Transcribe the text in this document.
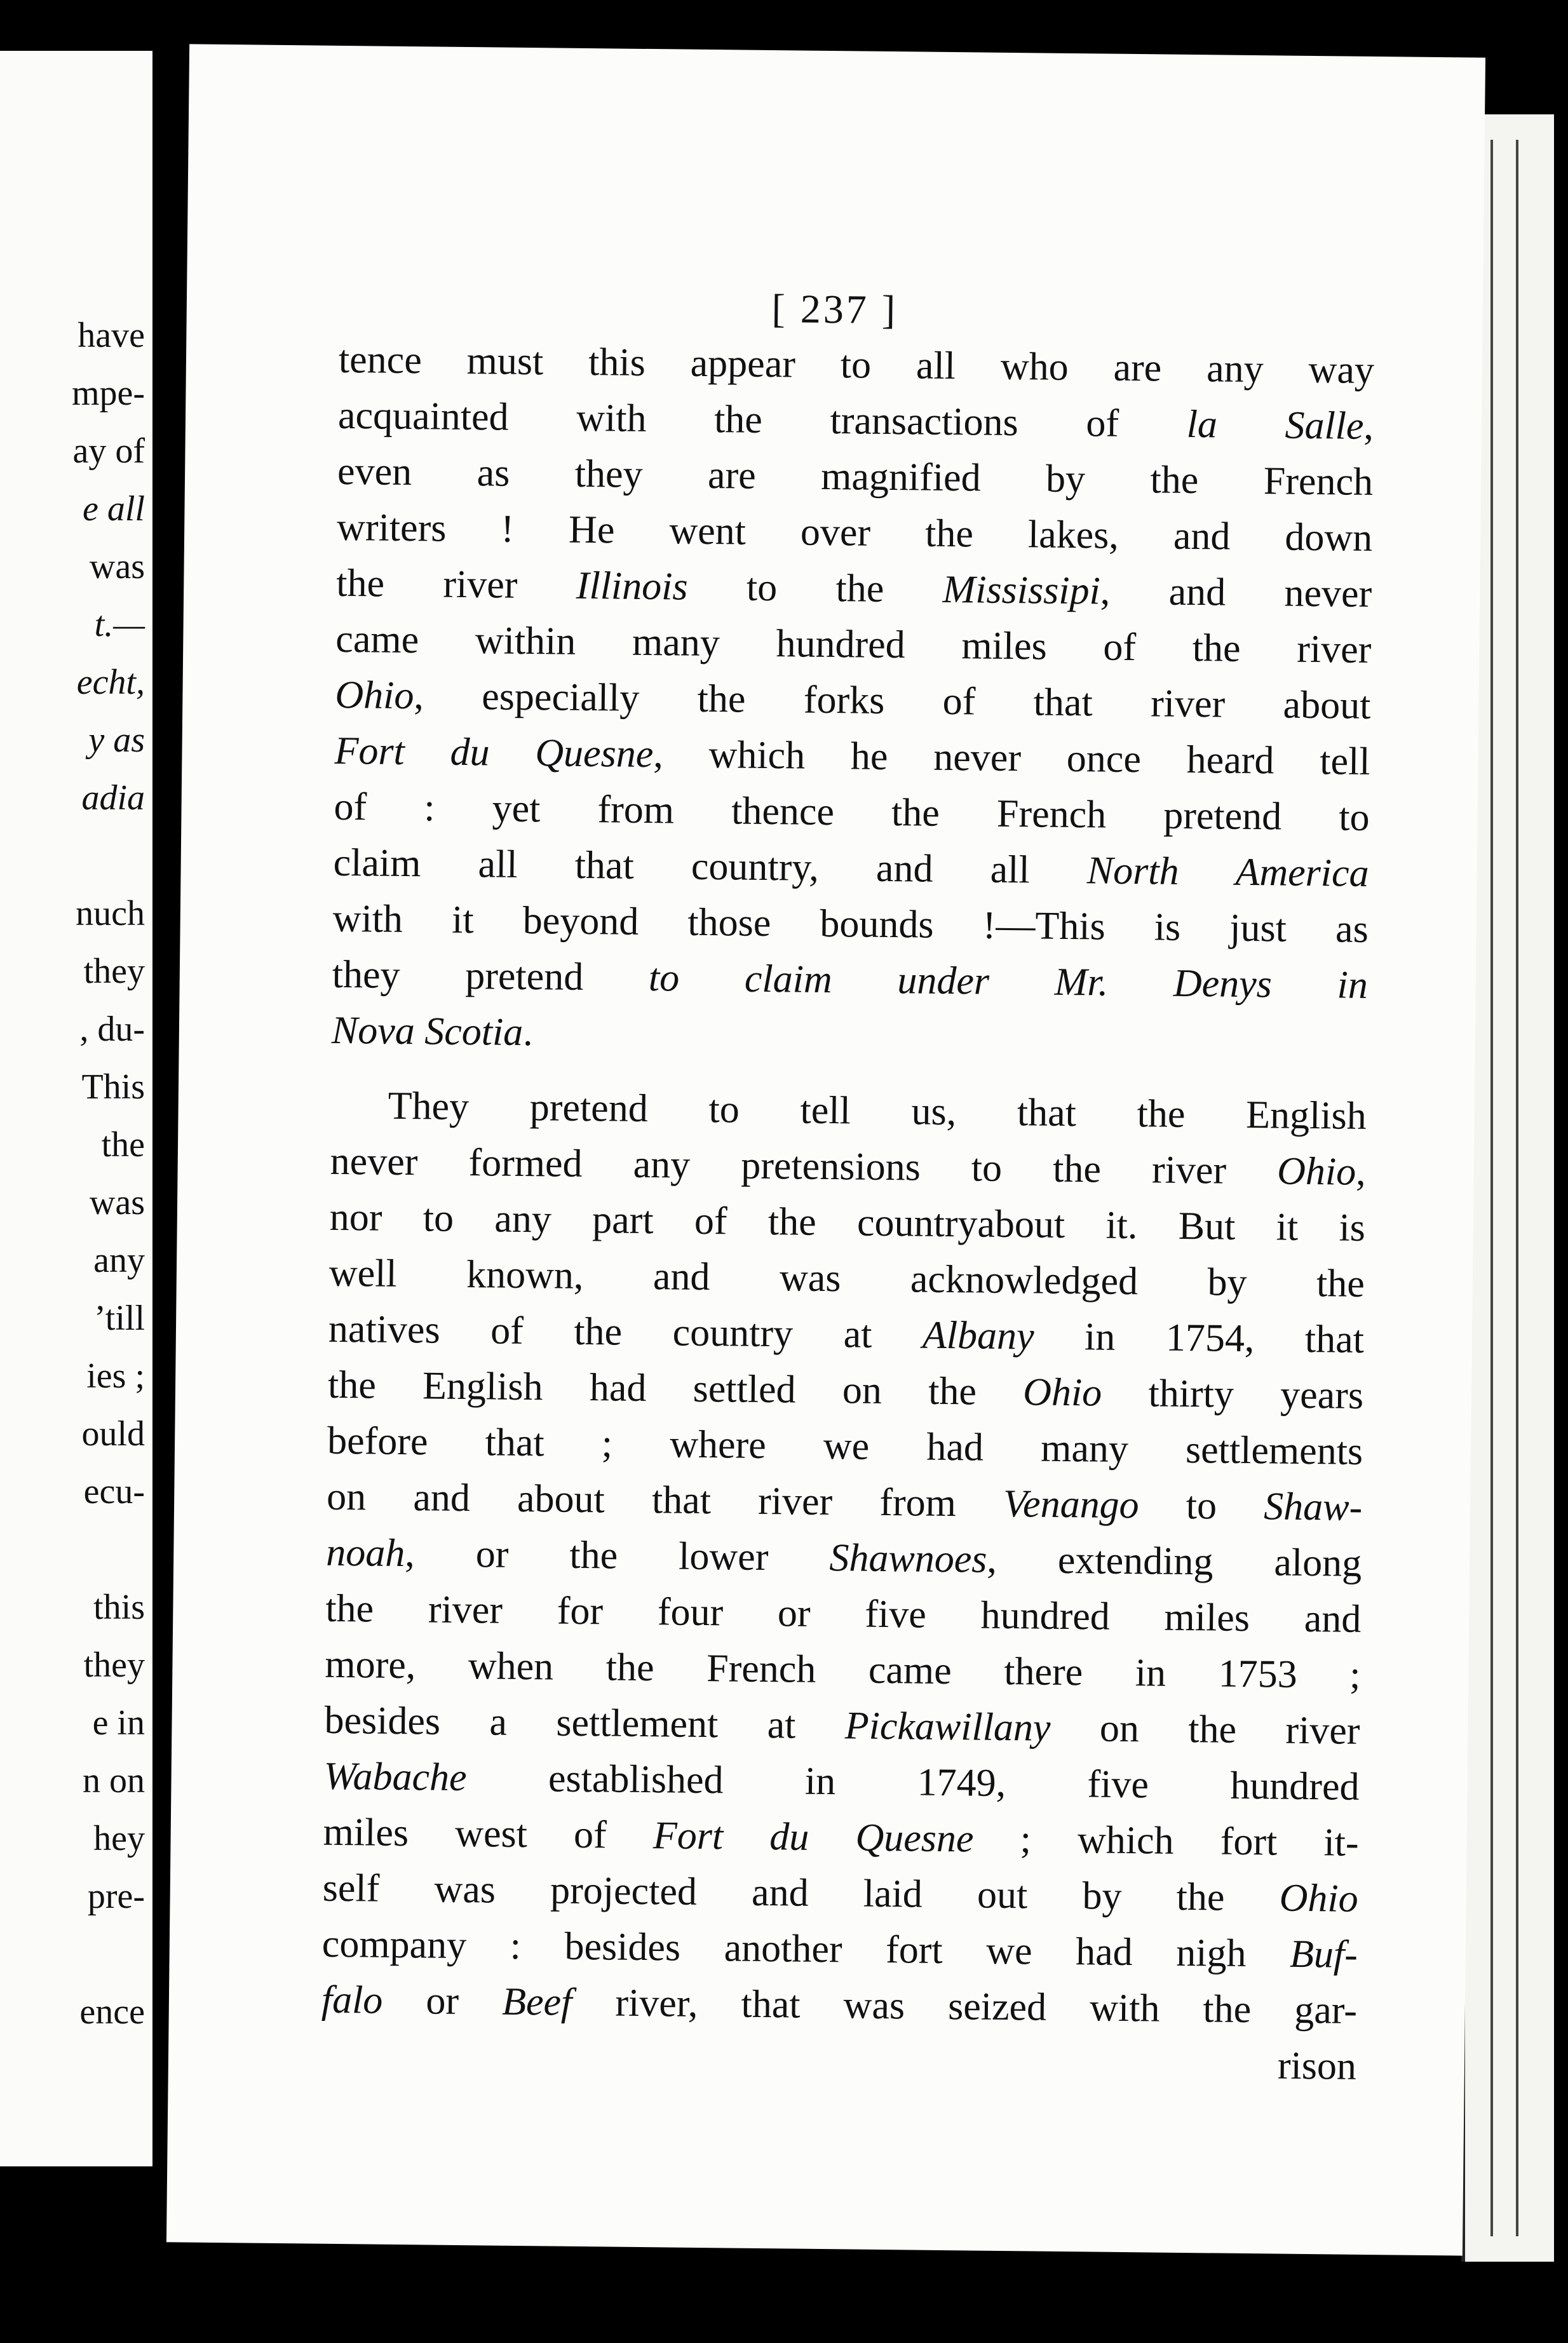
have
mpe-
ay of
e all
was
t.—
echt,
y as
adia
nuch
they
, du-
This
the
was
any
’till
ies ;
ould
ecu-
this
they
e in
n on
hey
pre-
ence
[ 237 ]
tence must this appear to all who are any way
acquainted with the transactions of la Salle,
even as they are magnified by the French
writers ! He went over the lakes, and down
the river Illinois to the Mississipi, and never
came within many hundred miles of the river
Ohio, especially the forks of that river about
Fort du Quesne, which he never once heard tell
of : yet from thence the French pretend to
claim all that country, and all North America
with it beyond those bounds !—This is just as
they pretend to claim under Mr. Denys in
Nova Scotia.
They pretend to tell us, that the English
never formed any pretensions to the river Ohio,
nor to any part of the countryabout it. But it is
well known, and was acknowledged by the
natives of the country at Albany in 1754, that
the English had settled on the Ohio thirty years
before that ; where we had many settlements
on and about that river from Venango to Shaw-
noah, or the lower Shawnoes, extending along
the river for four or five hundred miles and
more, when the French came there in 1753 ;
besides a settlement at Pickawillany on the river
Wabache established in 1749, five hundred
miles west of Fort du Quesne ; which fort it-
self was projected and laid out by the Ohio
company : besides another fort we had nigh Buf-
falo or Beef river, that was seized with the gar-
rison
